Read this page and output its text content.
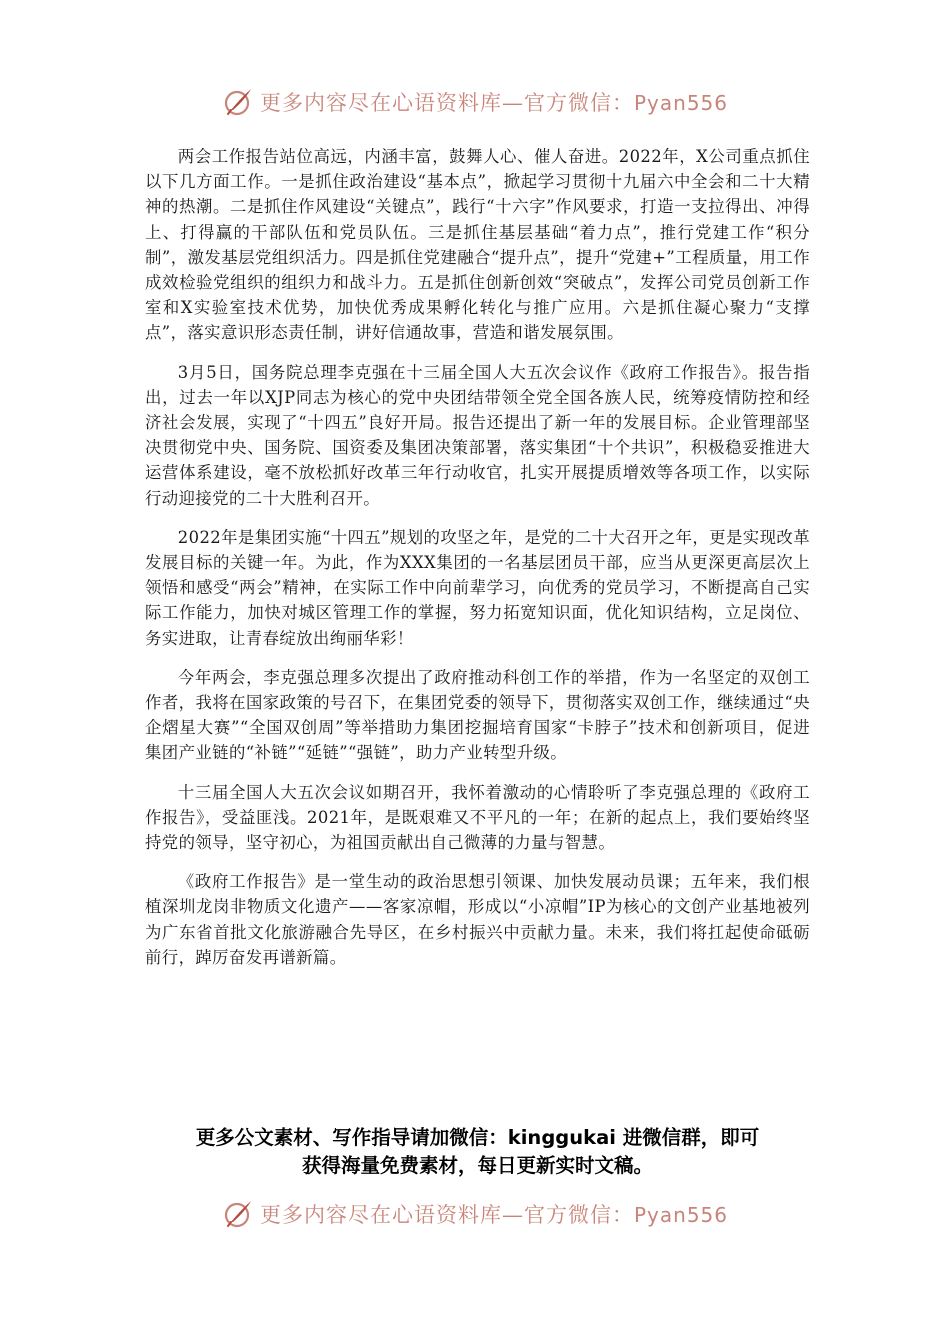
更多内容尽在心语资料库—官方微信：Pyan556

两会工作报告站位高远，内涵丰富，鼓舞人心、催人奋进。2022年，X公司重点抓住以下几方面工作。一是抓住政治建设“基本点”，掀起学习贯彻十九届六中全会和二十大精神的热潮。二是抓住作风建设“关键点”，践行“十六字”作风要求，打造一支拉得出、冲得上、打得赢的干部队伍和党员队伍。三是抓住基层基础“着力点”，推行党建工作“积分制”，激发基层党组织活力。四是抓住党建融合“提升点”，提升“党建+”工程质量，用工作成效检验党组织的组织力和战斗力。五是抓住创新创效“突破点”，发挥公司党员创新工作室和X实验室技术优势，加快优秀成果孵化转化与推广应用。六是抓住凝心聚力“支撑点”，落实意识形态责任制，讲好信通故事，营造和谐发展氛围。

3月5日，国务院总理李克强在十三届全国人大五次会议作《政府工作报告》。报告指出，过去一年以XJP同志为核心的党中央团结带领全党全国各族人民，统筹疫情防控和经济社会发展，实现了“十四五”良好开局。报告还提出了新一年的发展目标。企业管理部坚决贯彻党中央、国务院、国资委及集团决策部署，落实集团“十个共识”，积极稳妥推进大运营体系建设，毫不放松抓好改革三年行动收官，扎实开展提质增效等各项工作，以实际行动迎接党的二十大胜利召开。

2022年是集团实施“十四五”规划的攻坚之年，是党的二十大召开之年，更是实现改革发展目标的关键一年。为此，作为XXX集团的一名基层团员干部，应当从更深更高层次上领悟和感受“两会”精神，在实际工作中向前辈学习，向优秀的党员学习，不断提高自己实际工作能力，加快对城区管理工作的掌握，努力拓宽知识面，优化知识结构，立足岗位、务实进取，让青春绽放出绚丽华彩！

今年两会，李克强总理多次提出了政府推动科创工作的举措，作为一名坚定的双创工作者，我将在国家政策的号召下，在集团党委的领导下，贯彻落实双创工作，继续通过“央企熠星大赛”“全国双创周”等举措助力集团挖掘培育国家“卡脖子”技术和创新项目，促进集团产业链的“补链”“延链”“强链”，助力产业转型升级。

十三届全国人大五次会议如期召开，我怀着激动的心情聆听了李克强总理的《政府工作报告》，受益匪浅。2021年，是既艰难又不平凡的一年；在新的起点上，我们要始终坚持党的领导，坚守初心，为祖国贡献出自己微薄的力量与智慧。

《政府工作报告》是一堂生动的政治思想引领课、加快发展动员课；五年来，我们根植深圳龙岗非物质文化遗产——客家凉帽，形成以“小凉帽”IP为核心的文创产业基地被列为广东省首批文化旅游融合先导区，在乡村振兴中贡献力量。未来，我们将扛起使命砥砺前行，踔厉奋发再谱新篇。

更多公文素材、写作指导请加微信：kinggukai 进微信群，即可
获得海量免费素材，每日更新实时文稿。
更多内容尽在心语资料库—官方微信：Pyan556
